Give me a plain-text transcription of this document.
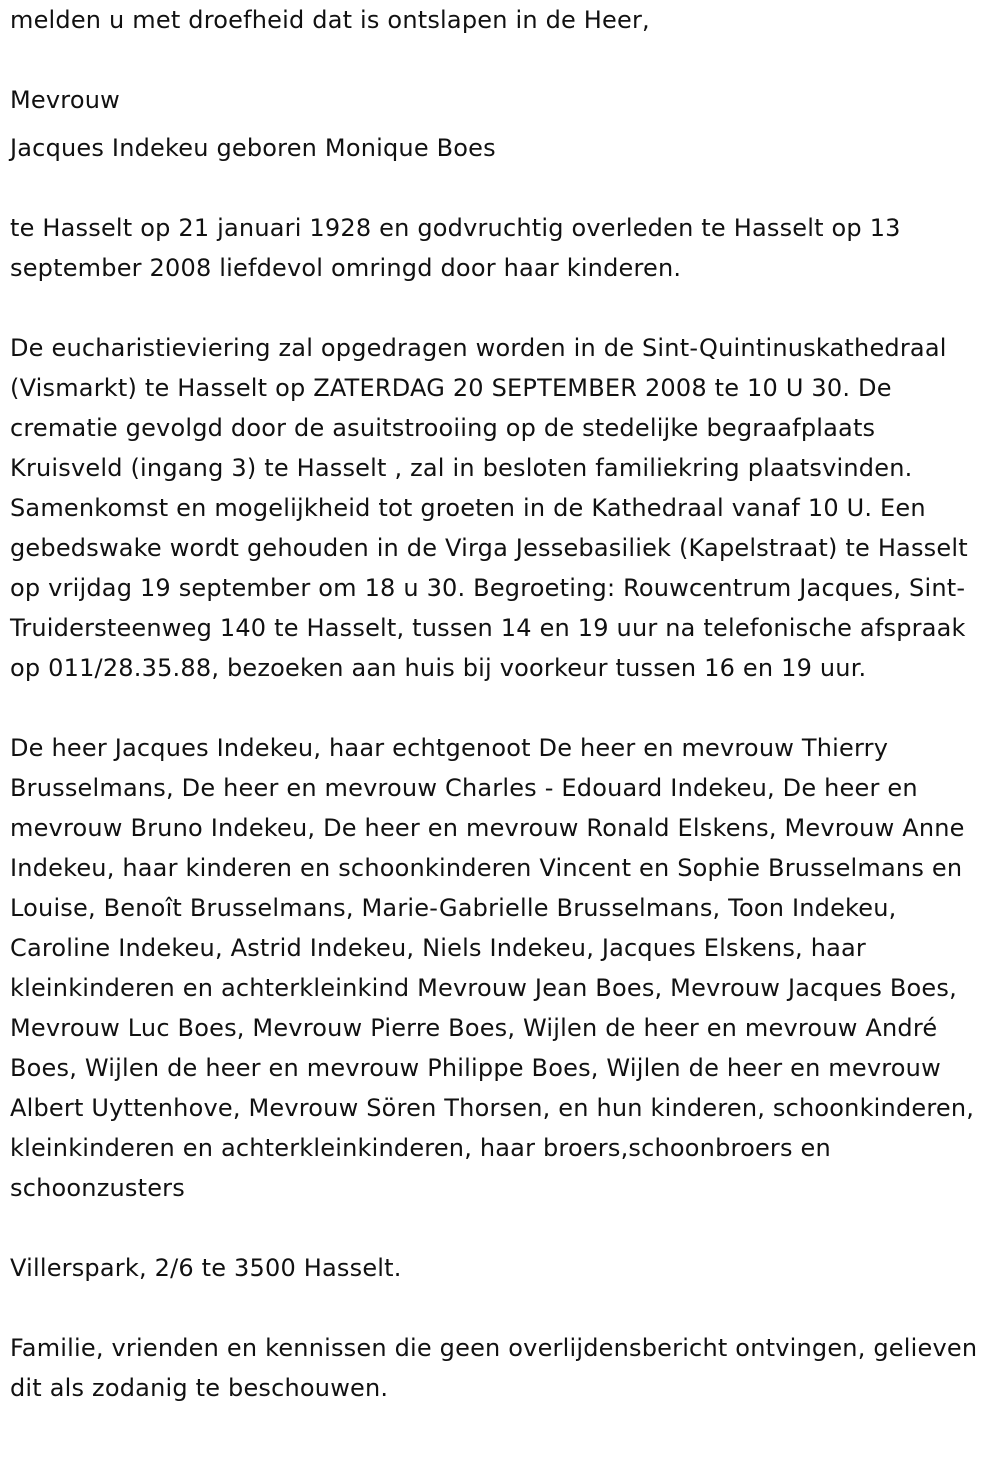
melden u met droefheid dat is ontslapen in de Heer,

Mevrouw

Jacques Indekeu geboren Monique Boes

te Hasselt op 21 januari 1928 en godvruchtig overleden te Hasselt op 13 september 2008 liefdevol omringd door haar kinderen.

De eucharistieviering zal opgedragen worden in de Sint-Quintinuskathedraal (Vismarkt) te Hasselt op ZATERDAG 20 SEPTEMBER 2008 te 10 U 30. De crematie gevolgd door de asuitstrooiing op de stedelijke begraafplaats Kruisveld (ingang 3) te Hasselt , zal in besloten familiekring plaatsvinden. Samenkomst en mogelijkheid tot groeten in de Kathedraal vanaf 10 U. Een gebedswake wordt gehouden in de Virga Jessebasiliek (Kapelstraat) te Hasselt op vrijdag 19 september om 18 u 30. Begroeting: Rouwcentrum Jacques, Sint-Truidersteenweg 140 te Hasselt, tussen 14 en 19 uur na telefonische afspraak op 011/28.35.88, bezoeken aan huis bij voorkeur tussen 16 en 19 uur.

De heer Jacques Indekeu, haar echtgenoot De heer en mevrouw Thierry Brusselmans, De heer en mevrouw Charles - Edouard Indekeu, De heer en mevrouw Bruno Indekeu, De heer en mevrouw Ronald Elskens, Mevrouw Anne Indekeu, haar kinderen en schoonkinderen Vincent en Sophie Brusselmans en Louise, Benoît Brusselmans, Marie-Gabrielle Brusselmans, Toon Indekeu, Caroline Indekeu, Astrid Indekeu, Niels Indekeu, Jacques Elskens, haar kleinkinderen en achterkleinkind Mevrouw Jean Boes, Mevrouw Jacques Boes, Mevrouw Luc Boes, Mevrouw Pierre Boes, Wijlen de heer en mevrouw André Boes, Wijlen de heer en mevrouw Philippe Boes, Wijlen de heer en mevrouw Albert Uyttenhove, Mevrouw Sören Thorsen, en hun kinderen, schoonkinderen, kleinkinderen en achterkleinkinderen, haar broers,schoonbroers en schoonzusters

Villerspark, 2/6 te 3500 Hasselt.

Familie, vrienden en kennissen die geen overlijdensbericht ontvingen, gelieven dit als zodanig te beschouwen.
